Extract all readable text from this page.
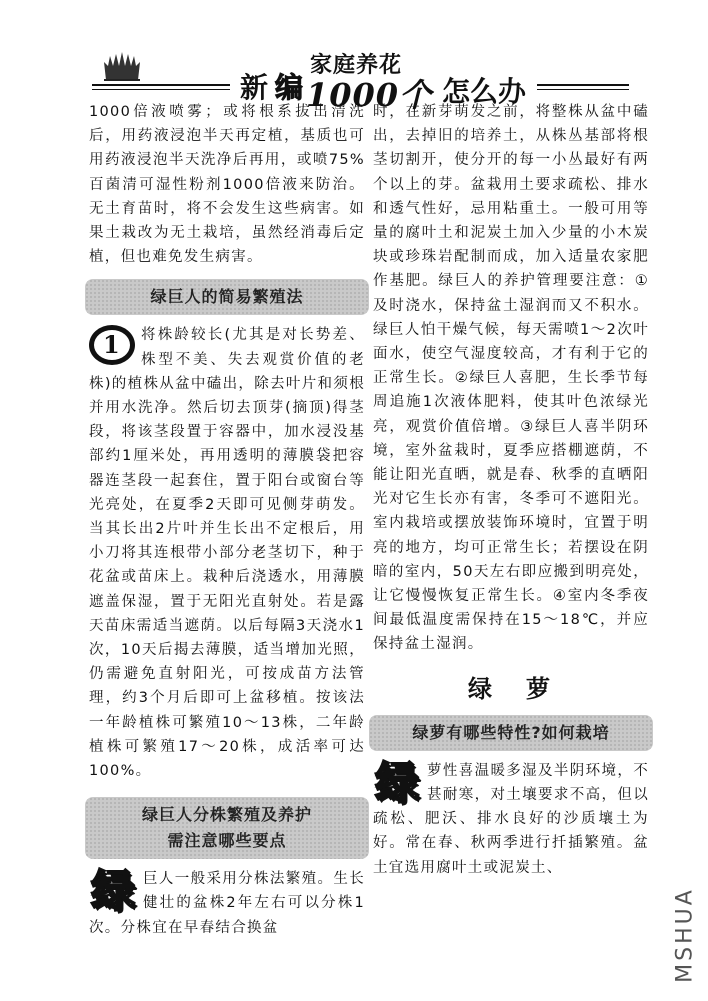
新 编
家庭养花
1000个 怎么办

1000倍液喷雾；或将根系拔出清洗后，用药液浸泡半天再定植，基质也可用药液浸泡半天洗净后再用，或喷75%百菌清可湿性粉剂1000倍液来防治。无土育苗时，将不会发生这些病害。如果土栽改为无土栽培，虽然经消毒后定植，但也难免发生病害。

绿巨人的简易繁殖法

1	将株龄较长(尤其是对长势差、株型不美、失去观赏价值的老株)的植株从盆中磕出，除去叶片和须根并用水洗净。然后切去顶芽(摘顶)得茎段，将该茎段置于容器中，加水浸没基部约1厘米处，再用透明的薄膜袋把容器连茎段一起套住，置于阳台或窗台等光亮处，在夏季2天即可见侧芽萌发。当其长出2片叶并生长出不定根后，用小刀将其连根带小部分老茎切下，种于花盆或苗床上。栽种后浇透水，用薄膜遮盖保湿，置于无阳光直射处。若是露天苗床需适当遮荫。以后每隔3天浇水1次，10天后揭去薄膜，适当增加光照，仍需避免直射阳光，可按成苗方法管理，约3个月后即可上盆移植。按该法一年龄植株可繁殖10～13株，二年龄植株可繁殖17～20株，成活率可达100%。

绿巨人分株繁殖及养护
需注意哪些要点

绿 巨人一般采用分株法繁殖。生长健壮的盆株2年左右可以分株1次。分株宜在早春结合换盆

时，在新芽萌发之前，将整株从盆中磕出，去掉旧的培养土，从株丛基部将根茎切割开，使分开的每一小丛最好有两个以上的芽。盆栽用土要求疏松、排水和透气性好，忌用粘重土。一般可用等量的腐叶土和泥炭土加入少量的小木炭块或珍珠岩配制而成，加入适量农家肥作基肥。绿巨人的养护管理要注意：①及时浇水，保持盆土湿润而又不积水。绿巨人怕干燥气候，每天需喷1～2次叶面水，使空气湿度较高，才有利于它的正常生长。②绿巨人喜肥，生长季节每周追施1次液体肥料，使其叶色浓绿光亮，观赏价值倍增。③绿巨人喜半阴环境，室外盆栽时，夏季应搭棚遮荫，不能让阳光直晒，就是春、秋季的直晒阳光对它生长亦有害，冬季可不遮阳光。室内栽培或摆放装饰环境时，宜置于明亮的地方，均可正常生长；若摆设在阴暗的室内，50天左右即应搬到明亮处，让它慢慢恢复正常生长。④室内冬季夜间最低温度需保持在15～18℃，并应保持盆土湿润。

绿萝
绿萝有哪些特性?如何栽培

绿 萝性喜温暖多湿及半阴环境，不甚耐寒，对土壤要求不高，但以疏松、肥沃、排水良好的沙质壤土为好。常在春、秋两季进行扦插繁殖。盆土宜选用腐叶土或泥炭土、

MSHUA
